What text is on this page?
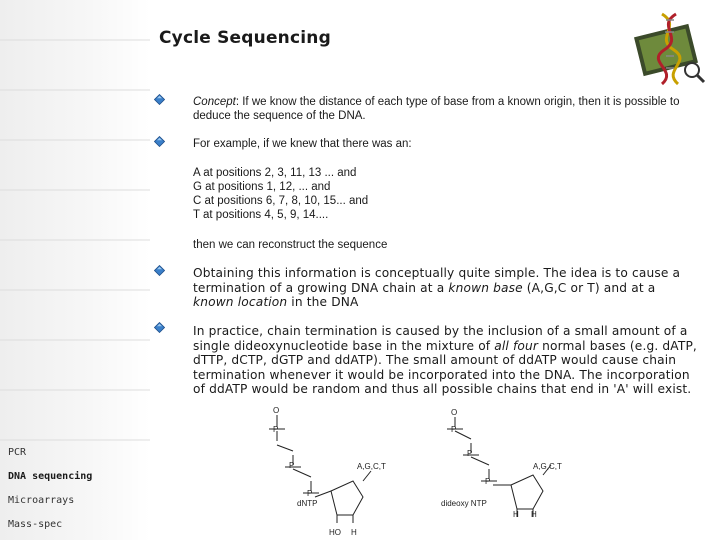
Cycle Sequencing
Concept: If we know the distance of each type of base from a known origin, then it is possible to deduce the sequence of the DNA.
For example, if we knew that there was an:
A at positions 2, 3, 11, 13 ... and
G at positions 1, 12, ... and
C at positions 6, 7, 8, 10, 15... and
T at positions 4, 5, 9, 14....
then we can reconstruct the sequence
Obtaining this information is conceptually quite simple. The idea is to cause a termination of a growing DNA chain at a known base (A,G,C or T) and at a known location in the DNA
In practice, chain termination is caused by the inclusion of a small amount of a single dideoxynucleotide base in the mixture of all four normal bases (e.g. dATP, dTTP, dCTP, dGTP and ddATP). The small amount of ddATP would cause chain termination whenever it would be incorporated into the DNA. The incorporation of ddATP would be random and thus all possible chains that end in 'A' will exist.
PCR
DNA sequencing
Microarrays
Mass-spec
O
P
P
P
A,G,C,T
dNTP
HO H
O
P
P
P
A,G,C,T
dideoxy NTP
H H
